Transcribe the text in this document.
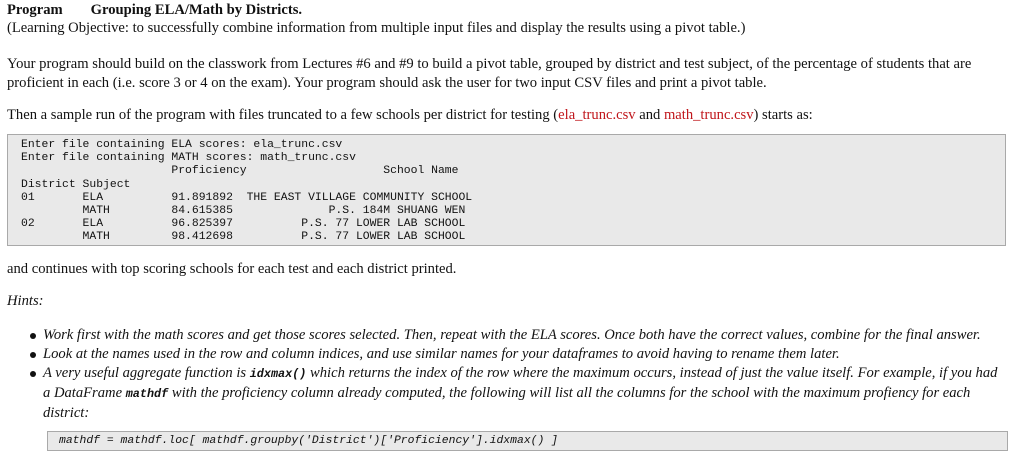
Program Grouping ELA/Math by Districts.
(Learning Objective: to successfully combine information from multiple input files and display the results using a pivot table.)
Your program should build on the classwork from Lectures #6 and #9 to build a pivot table, grouped by district and test subject, of the percentage of students that are proficient in each (i.e. score 3 or 4 on the exam). Your program should ask the user for two input CSV files and print a pivot table.
Then a sample run of the program with files truncated to a few schools per district for testing (ela_trunc.csv and math_trunc.csv) starts as:
Enter file containing ELA scores: ela_trunc.csv
Enter file containing MATH scores: math_trunc.csv
Proficiency                    School Name
District Subject
01       ELA          91.891892  THE EAST VILLAGE COMMUNITY SCHOOL
MATH         84.615385              P.S. 184M SHUANG WEN
02       ELA          96.825397          P.S. 77 LOWER LAB SCHOOL
MATH         98.412698          P.S. 77 LOWER LAB SCHOOL
and continues with top scoring schools for each test and each district printed.
Hints:
Work first with the math scores and get those scores selected. Then, repeat with the ELA scores. Once both have the correct values, combine for the final answer.
Look at the names used in the row and column indices, and use similar names for your dataframes to avoid having to rename them later.
A very useful aggregate function is idxmax() which returns the index of the row where the maximum occurs, instead of just the value itself. For example, if you had a DataFrame mathdf with the proficiency column already computed, the following will list all the columns for the school with the maximum profiency for each district:
mathdf = mathdf.loc[ mathdf.groupby('District')['Proficiency'].idxmax() ]
